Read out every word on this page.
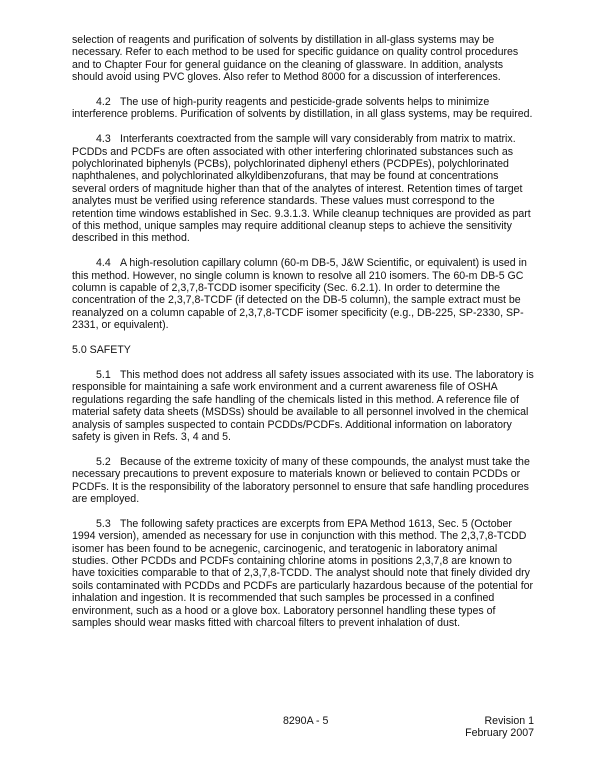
selection of reagents and purification of solvents by distillation in all-glass systems may be necessary. Refer to each method to be used for specific guidance on quality control procedures and to Chapter Four for general guidance on the cleaning of glassware. In addition, analysts should avoid using PVC gloves. Also refer to Method 8000 for a discussion of interferences.

4.2 The use of high-purity reagents and pesticide-grade solvents helps to minimize interference problems. Purification of solvents by distillation, in all glass systems, may be required.

4.3 Interferants coextracted from the sample will vary considerably from matrix to matrix. PCDDs and PCDFs are often associated with other interfering chlorinated substances such as polychlorinated biphenyls (PCBs), polychlorinated diphenyl ethers (PCDPEs), polychlorinated naphthalenes, and polychlorinated alkyldibenzofurans, that may be found at concentrations several orders of magnitude higher than that of the analytes of interest. Retention times of target analytes must be verified using reference standards. These values must correspond to the retention time windows established in Sec. 9.3.1.3. While cleanup techniques are provided as part of this method, unique samples may require additional cleanup steps to achieve the sensitivity described in this method.

4.4 A high-resolution capillary column (60-m DB-5, J&W Scientific, or equivalent) is used in this method. However, no single column is known to resolve all 210 isomers. The 60-m DB-5 GC column is capable of 2,3,7,8-TCDD isomer specificity (Sec. 6.2.1). In order to determine the concentration of the 2,3,7,8-TCDF (if detected on the DB-5 column), the sample extract must be reanalyzed on a column capable of 2,3,7,8-TCDF isomer specificity (e.g., DB-225, SP-2330, SP-2331, or equivalent).

5.0 SAFETY

5.1 This method does not address all safety issues associated with its use. The laboratory is responsible for maintaining a safe work environment and a current awareness file of OSHA regulations regarding the safe handling of the chemicals listed in this method. A reference file of material safety data sheets (MSDSs) should be available to all personnel involved in the chemical analysis of samples suspected to contain PCDDs/PCDFs. Additional information on laboratory safety is given in Refs. 3, 4 and 5.

5.2 Because of the extreme toxicity of many of these compounds, the analyst must take the necessary precautions to prevent exposure to materials known or believed to contain PCDDs or PCDFs. It is the responsibility of the laboratory personnel to ensure that safe handling procedures are employed.

5.3 The following safety practices are excerpts from EPA Method 1613, Sec. 5 (October 1994 version), amended as necessary for use in conjunction with this method. The 2,3,7,8-TCDD isomer has been found to be acnegenic, carcinogenic, and teratogenic in laboratory animal studies. Other PCDDs and PCDFs containing chlorine atoms in positions 2,3,7,8 are known to have toxicities comparable to that of 2,3,7,8-TCDD. The analyst should note that finely divided dry soils contaminated with PCDDs and PCDFs are particularly hazardous because of the potential for inhalation and ingestion. It is recommended that such samples be processed in a confined environment, such as a hood or a glove box. Laboratory personnel handling these types of samples should wear masks fitted with charcoal filters to prevent inhalation of dust.

8290A - 5	Revision 1
February 2007
